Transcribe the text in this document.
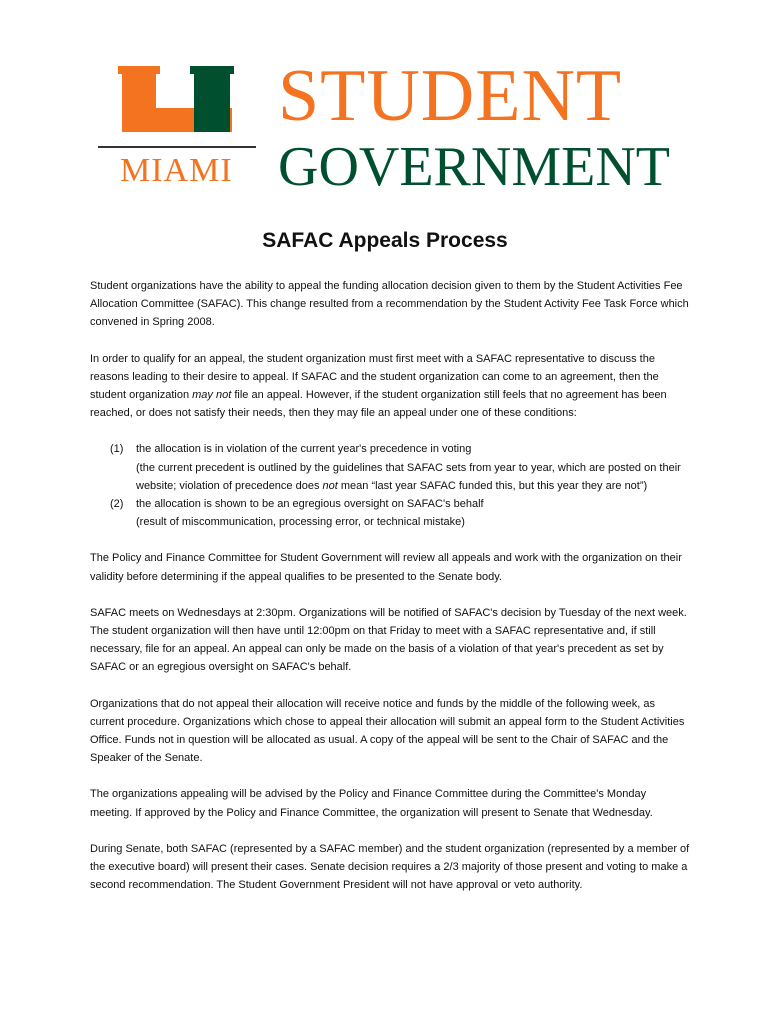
MIAMI
STUDENT
GOVERNMENT
SAFAC Appeals Process

Student organizations have the ability to appeal the funding allocation decision given to them by the Student Activities Fee Allocation Committee (SAFAC). This change resulted from a recommendation by the Student Activity Fee Task Force which convened in Spring 2008.

In order to qualify for an appeal, the student organization must first meet with a SAFAC representative to discuss the reasons leading to their desire to appeal. If SAFAC and the student organization can come to an agreement, then the student organization may not file an appeal. However, if the student organization still feels that no agreement has been reached, or does not satisfy their needs, then they may file an appeal under one of these conditions:

(1) the allocation is in violation of the current year's precedence in voting
(the current precedent is outlined by the guidelines that SAFAC sets from year to year, which are posted on their website; violation of precedence does not mean “last year SAFAC funded this, but this year they are not”)
(2) the allocation is shown to be an egregious oversight on SAFAC's behalf
(result of miscommunication, processing error, or technical mistake)

The Policy and Finance Committee for Student Government will review all appeals and work with the organization on their validity before determining if the appeal qualifies to be presented to the Senate body.

SAFAC meets on Wednesdays at 2:30pm. Organizations will be notified of SAFAC's decision by Tuesday of the next week. The student organization will then have until 12:00pm on that Friday to meet with a SAFAC representative and, if still necessary, file for an appeal. An appeal can only be made on the basis of a violation of that year's precedent as set by SAFAC or an egregious oversight on SAFAC's behalf.

Organizations that do not appeal their allocation will receive notice and funds by the middle of the following week, as current procedure. Organizations which chose to appeal their allocation will submit an appeal form to the Student Activities Office. Funds not in question will be allocated as usual. A copy of the appeal will be sent to the Chair of SAFAC and the Speaker of the Senate.

The organizations appealing will be advised by the Policy and Finance Committee during the Committee's Monday meeting. If approved by the Policy and Finance Committee, the organization will present to Senate that Wednesday.

During Senate, both SAFAC (represented by a SAFAC member) and the student organization (represented by a member of the executive board) will present their cases. Senate decision requires a 2/3 majority of those present and voting to make a second recommendation. The Student Government President will not have approval or veto authority.
